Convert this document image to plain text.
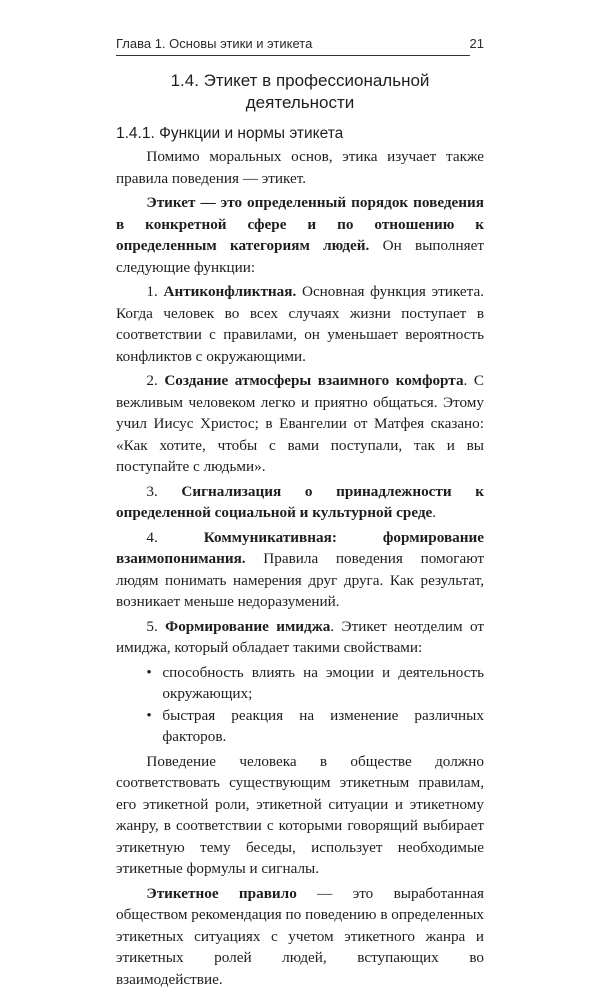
Глава 1. Основы этики и этикета	21
1.4. Этикет в профессиональной деятельности
1.4.1. Функции и нормы этикета

Помимо моральных основ, этика изучает также правила поведения — этикет.

Этикет — это определенный порядок поведения в конкретной сфере и по отношению к определенным категориям людей. Он выполняет следующие функции:

1. Антиконфликтная. Основная функция этикета. Когда человек во всех случаях жизни поступает в соответствии с правилами, он уменьшает вероятность конфликтов с окружающими.

2. Создание атмосферы взаимного комфорта. С вежливым человеком легко и приятно общаться. Этому учил Иисус Христос; в Евангелии от Матфея сказано: «Как хотите, чтобы с вами поступали, так и вы поступайте с людьми».

3. Сигнализация о принадлежности к определенной социальной и культурной среде.

4. Коммуникативная: формирование взаимопонимания. Правила поведения помогают людям понимать намерения друг друга. Как результат, возникает меньше недоразумений.

5. Формирование имиджа. Этикет неотделим от имиджа, который обладает такими свойствами:

• способность влиять на эмоции и деятельность окружающих;
• быстрая реакция на изменение различных факторов.

Поведение человека в обществе должно соответствовать существующим этикетным правилам, его этикетной роли, этикетной ситуации и этикетному жанру, в соответствии с которыми говорящий выбирает этикетную тему беседы, использует необходимые этикетные формулы и сигналы.

Этикетное правило — это выработанная обществом рекомендация по поведению в определенных этикетных ситуациях с учетом этикетного жанра и этикетных ролей людей, вступающих во взаимодействие.
